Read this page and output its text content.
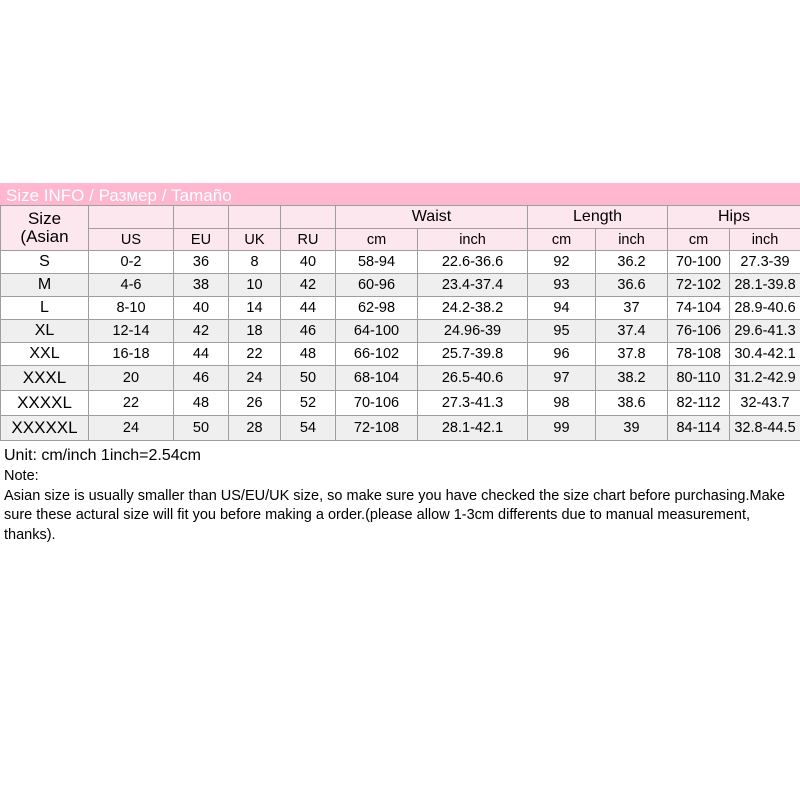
Size INFO / Размер / Tamaño
Size
(Asian					Waist		Length		Hips	
	US	EU	UK	RU	cm	inch	cm	inch	cm	inch
S	0-2	36	8	40	58-94	22.6-36.6	92	36.2	70-100	27.3-39
M	4-6	38	10	42	60-96	23.4-37.4	93	36.6	72-102	28.1-39.8
L	8-10	40	14	44	62-98	24.2-38.2	94	37	74-104	28.9-40.6
XL	12-14	42	18	46	64-100	24.96-39	95	37.4	76-106	29.6-41.3
XXL	16-18	44	22	48	66-102	25.7-39.8	96	37.8	78-108	30.4-42.1
XXXL	20	46	24	50	68-104	26.5-40.6	97	38.2	80-110	31.2-42.9
XXXXL	22	48	26	52	70-106	27.3-41.3	98	38.6	82-112	32-43.7
XXXXXL	24	50	28	54	72-108	28.1-42.1	99	39	84-114	32.8-44.5
Unit: cm/inch 1inch=2.54cm
Note:
Asian size is usually smaller than US/EU/UK size, so make sure you have checked the size chart before purchasing.Make sure these actural size will fit you before making a order.(please allow 1-3cm differents due to manual measurement, thanks).
